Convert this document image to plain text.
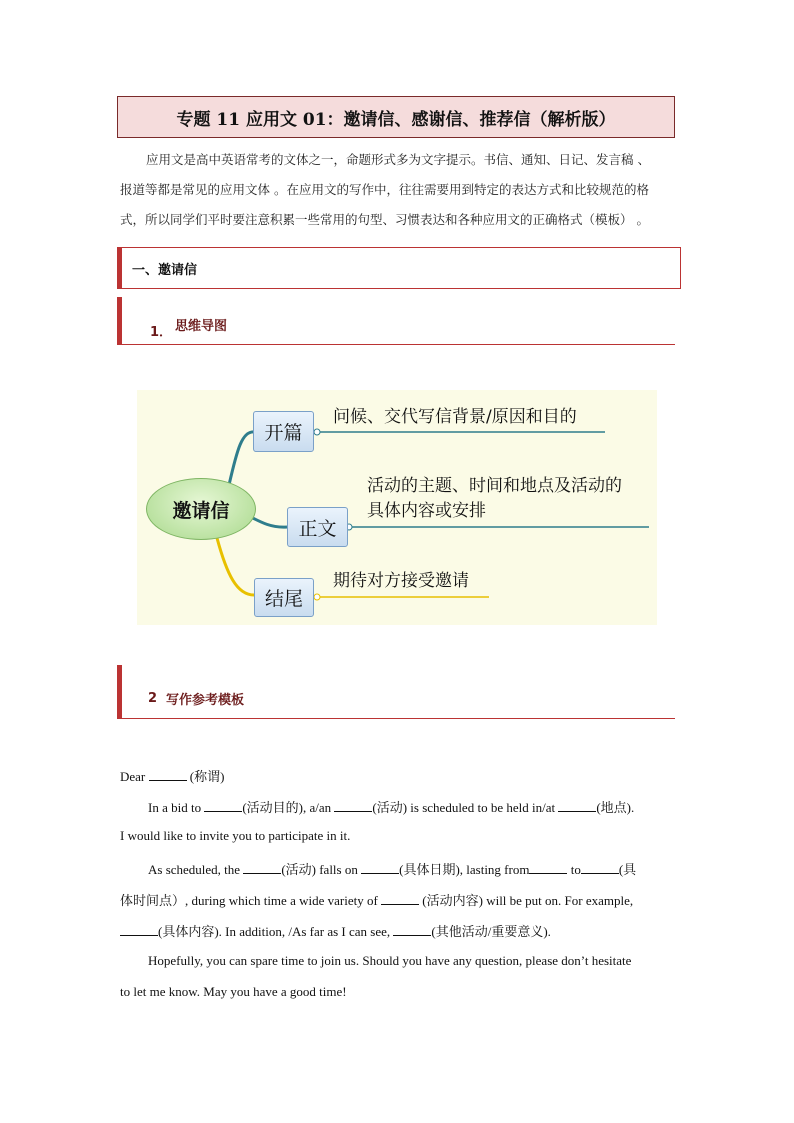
专题 11 应用文 01：邀请信、感谢信、推荐信（解析版）
应用文是高中英语常考的文体之一，命题形式多为文字提示。书信、通知、日记、发言稿 、
报道等都是常见的应用文体 。在应用文的写作中，往往需要用到特定的表达方式和比较规范的格
式，所以同学们平时要注意积累一些常用的句型、习惯表达和各种应用文的正确格式（模板） 。
一、邀请信
1． 思维导图
邀请信
开篇
问候、交代写信背景/原因和目的
正文
活动的主题、时间和地点及活动的
具体内容或安排
结尾
期待对方接受邀请
2 写作参考模板
Dear	(称谓)
In a bid to	(活动目的), a/an	(活动) is scheduled to be held in/at	(地点).
I would like to invite you to participate in it.
As scheduled, the	(活动) falls on	(具体日期), lasting from	to	(具
体时间点）, during which time a wide variety of	(活动内容) will be put on. For example,
(具体内容). In addition, /As far as I can see,	(其他活动/重要意义).
Hopefully, you can spare time to join us. Should you have any question, please don’t hesitate
to let me know. May you have a good time!
